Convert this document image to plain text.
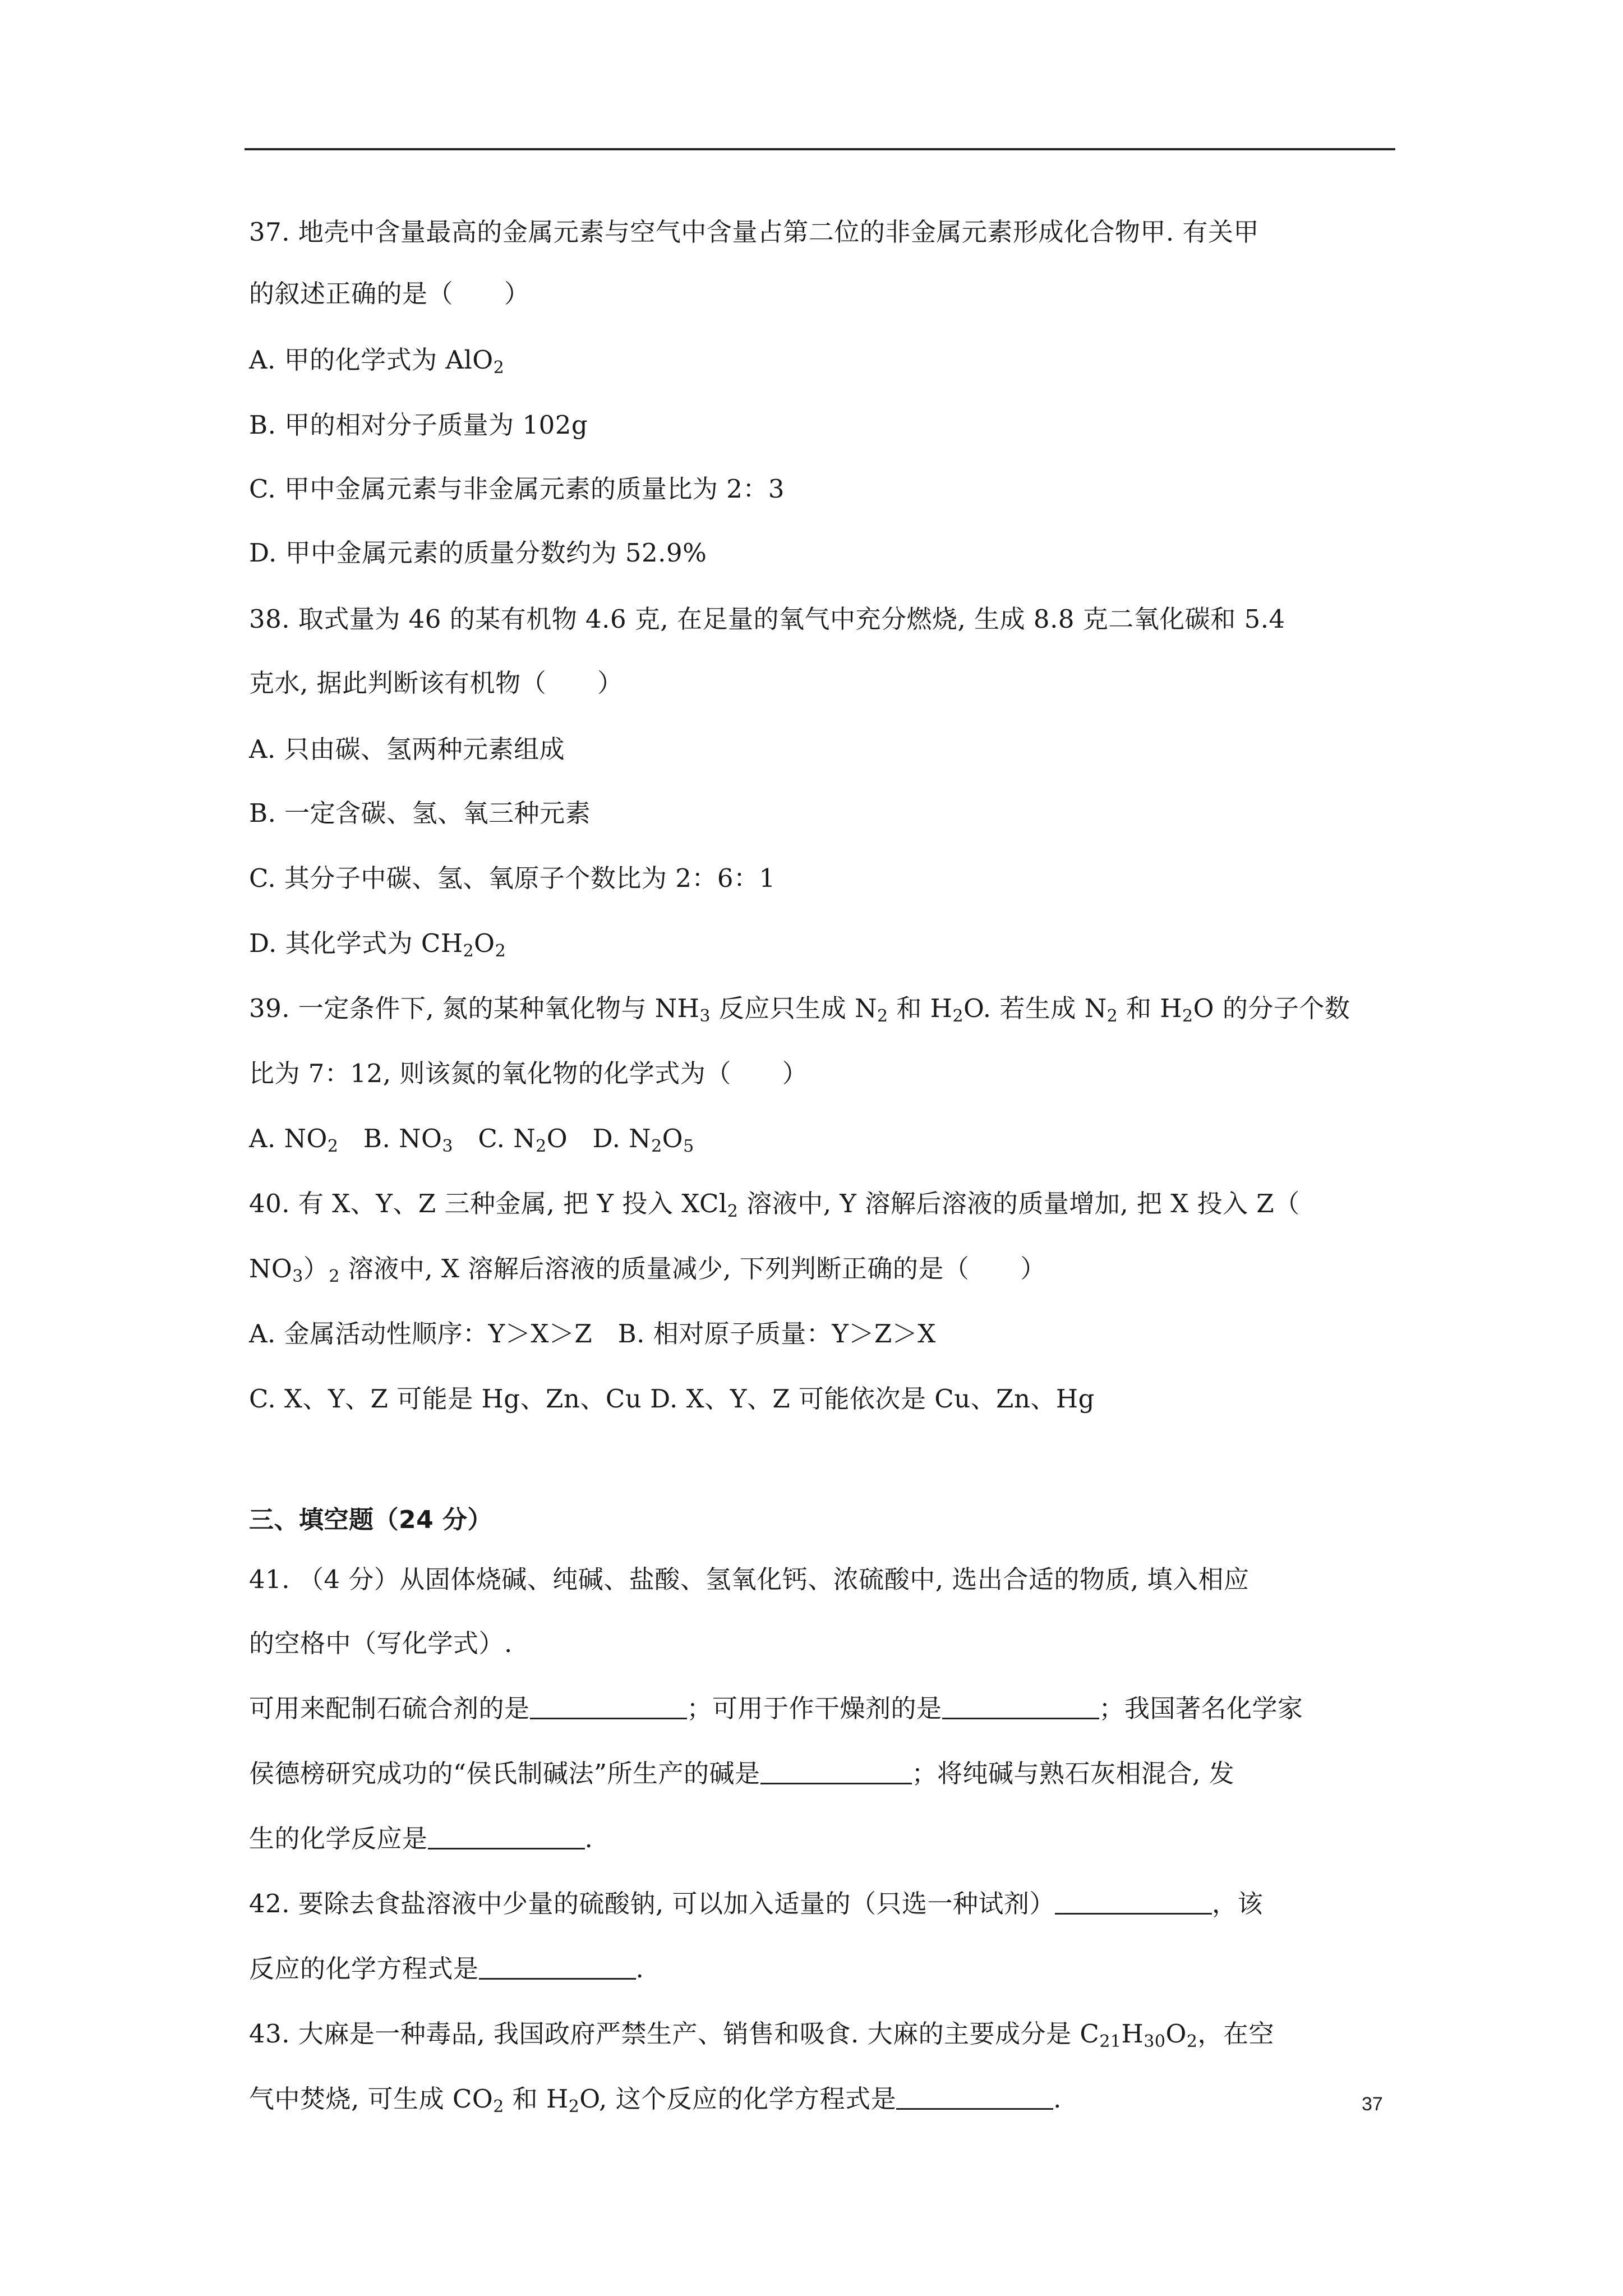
37. 地壳中含量最高的金属元素与空气中含量占第二位的非金属元素形成化合物甲. 有关甲
的叙述正确的是（　　）
A. 甲的化学式为 AlO$_2$
B. 甲的相对分子质量为 102g
C. 甲中金属元素与非金属元素的质量比为 2：3
D. 甲中金属元素的质量分数约为 52.9%
38. 取式量为 46 的某有机物 4.6 克, 在足量的氧气中充分燃烧, 生成 8.8 克二氧化碳和 5.4
克水, 据此判断该有机物（　　）
A. 只由碳、氢两种元素组成
B. 一定含碳、氢、氧三种元素
C. 其分子中碳、氢、氧原子个数比为 2：6：1
D. 其化学式为 $CH_2O_2$
39. 一定条件下, 氮的某种氧化物与 $NH_3$ 反应只生成 $N_2$ 和 $H_2O$. 若生成 $N_2$ 和 $H_2O$ 的分子个数
比为 7：12, 则该氮的氧化物的化学式为（　　）
A. $NO_2$ B. $NO_3$ C. $N_2O$ D. $N_2O_5$
40. 有 X、Y、Z 三种金属, 把 Y 投入 XCl$_2$ 溶液中, Y 溶解后溶液的质量增加, 把 X 投入 Z（
$NO_3)_2$ 溶液中, X 溶解后溶液的质量减少, 下列判断正确的是（　　）
A. 金属活动性顺序：Y＞X＞Z　B. 相对原子质量：Y＞Z＞X
C. X、Y、Z 可能是 Hg、Zn、Cu D. X、Y、Z 可能依次是 Cu、Zn、Hg
三、填空题（24 分）
41. （4 分）从固体烧碱、纯碱、盐酸、氢氧化钙、浓硫酸中, 选出合适的物质, 填入相应
的空格中（写化学式）.
可用来配制石硫合剂的是	；可用于作干燥剂的是	；我国著名化学家
侯德榜研究成功的“侯氏制碱法”所生产的碱是	；将纯碱与熟石灰相混合, 发
生的化学反应是	.
42. 要除去食盐溶液中少量的硫酸钠, 可以加入适量的（只选一种试剂）	，该
反应的化学方程式是	.
43. 大麻是一种毒品, 我国政府严禁生产、销售和吸食. 大麻的主要成分是 $C_{21}H_{30}O_2$，在空
气中焚烧, 可生成 $CO_2$ 和 $H_2O$, 这个反应的化学方程式是	.	37
